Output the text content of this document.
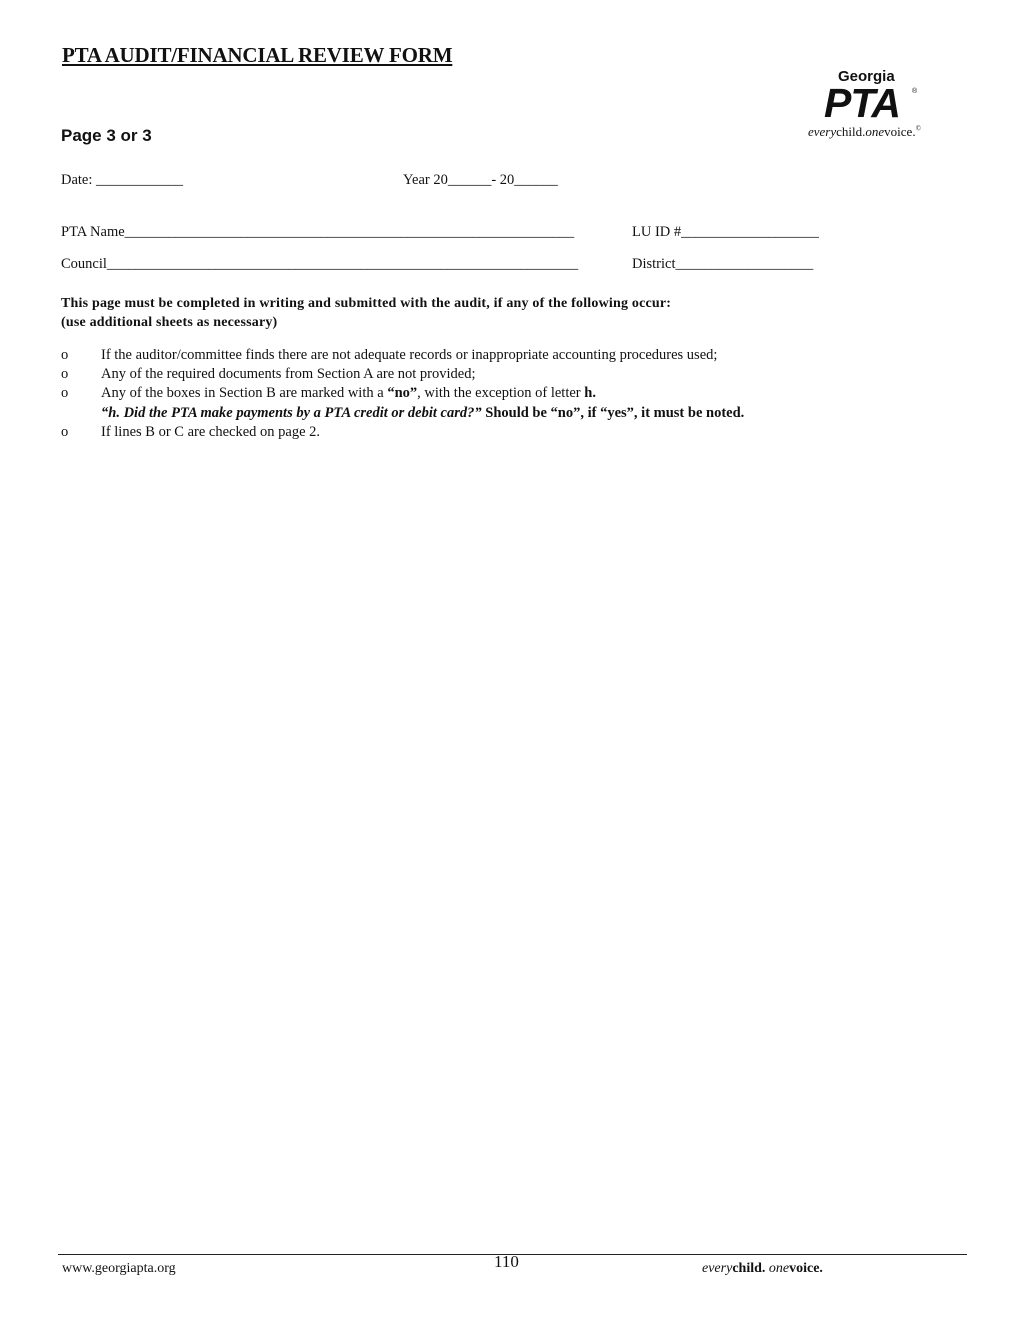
PTA AUDIT/FINANCIAL REVIEW FORM
Georgia
PTA ®
everychild.onevoice.©
Page 3 or 3
Date: ____________	Year 20______- 20______
PTA Name______________________________________________________________	LU ID #___________________
Council_________________________________________________________________	District___________________
This page must be completed in writing and submitted with the audit, if any of the following occur:
(use additional sheets as necessary)
o	If the auditor/committee finds there are not adequate records or inappropriate accounting procedures used;
o	Any of the required documents from Section A are not provided;
o	Any of the boxes in Section B are marked with a “no”, with the exception of letter h.
“h. Did the PTA make payments by a PTA credit or debit card?” Should be “no”, if “yes”, it must be noted.
o	If lines B or C are checked on page 2.
www.georgiapta.org	110	everychild. onevoice.
